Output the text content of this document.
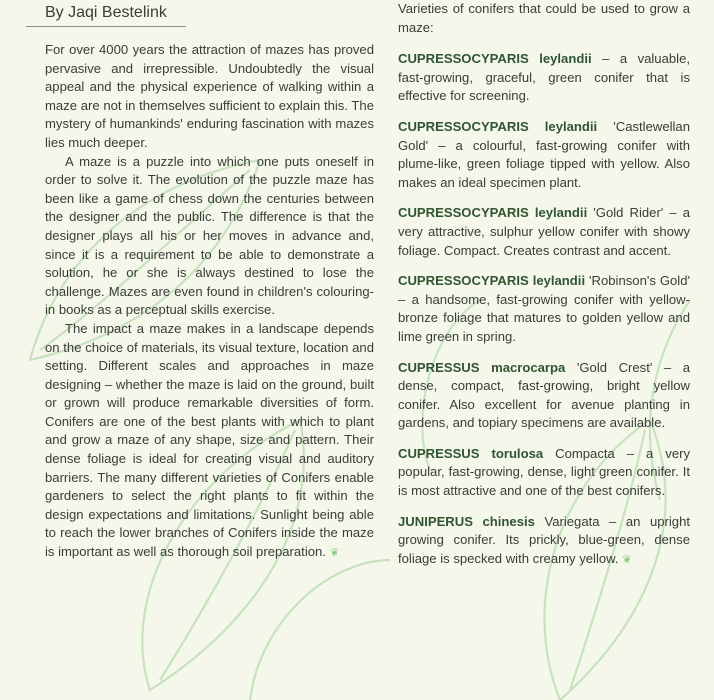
By Jaqi Bestelink

For over 4000 years the attraction of mazes has proved pervasive and irrepressible. Undoubtedly the visual appeal and the physical experience of walking within a maze are not in themselves sufficient to explain this. The mystery of humankinds' enduring fascination with mazes lies much deeper.

A maze is a puzzle into which one puts oneself in order to solve it. The evolution of the puzzle maze has been like a game of chess down the centuries between the designer and the public. The difference is that the designer plays all his or her moves in advance and, since it is a requirement to be able to demonstrate a solution, he or she is always destined to lose the challenge. Mazes are even found in children's colouring-in books as a perceptual skills exercise.

The impact a maze makes in a landscape depends on the choice of materials, its visual texture, location and setting. Different scales and approaches in maze designing – whether the maze is laid on the ground, built or grown will produce remarkable diversities of form. Conifers are one of the best plants with which to plant and grow a maze of any shape, size and pattern. Their dense foliage is ideal for creating visual and auditory barriers. The many different varieties of Conifers enable gardeners to select the right plants to fit within the design expectations and limitations. Sunlight being able to reach the lower branches of Conifers inside the maze is important as well as thorough soil preparation. ❦

Varieties of conifers that could be used to grow a maze:

CUPRESSOCYPARIS leylandii – a valuable, fast-growing, graceful, green conifer that is effective for screening.

CUPRESSOCYPARIS leylandii 'Castlewellan Gold' – a colourful, fast-growing conifer with plume-like, green foliage tipped with yellow. Also makes an ideal specimen plant.

CUPRESSOCYPARIS leylandii 'Gold Rider' – a very attractive, sulphur yellow conifer with showy foliage. Compact. Creates contrast and accent.

CUPRESSOCYPARIS leylandii 'Robinson's Gold' – a handsome, fast-growing conifer with yellow-bronze foliage that matures to golden yellow and lime green in spring.

CUPRESSUS macrocarpa 'Gold Crest' – a dense, compact, fast-growing, bright yellow conifer. Also excellent for avenue planting in gardens, and topiary specimens are available.

CUPRESSUS torulosa Compacta – a very popular, fast-growing, dense, light green conifer. It is most attractive and one of the best conifers.

JUNIPERUS chinesis Variegata – an upright growing conifer. Its prickly, blue-green, dense foliage is specked with creamy yellow. ❦
